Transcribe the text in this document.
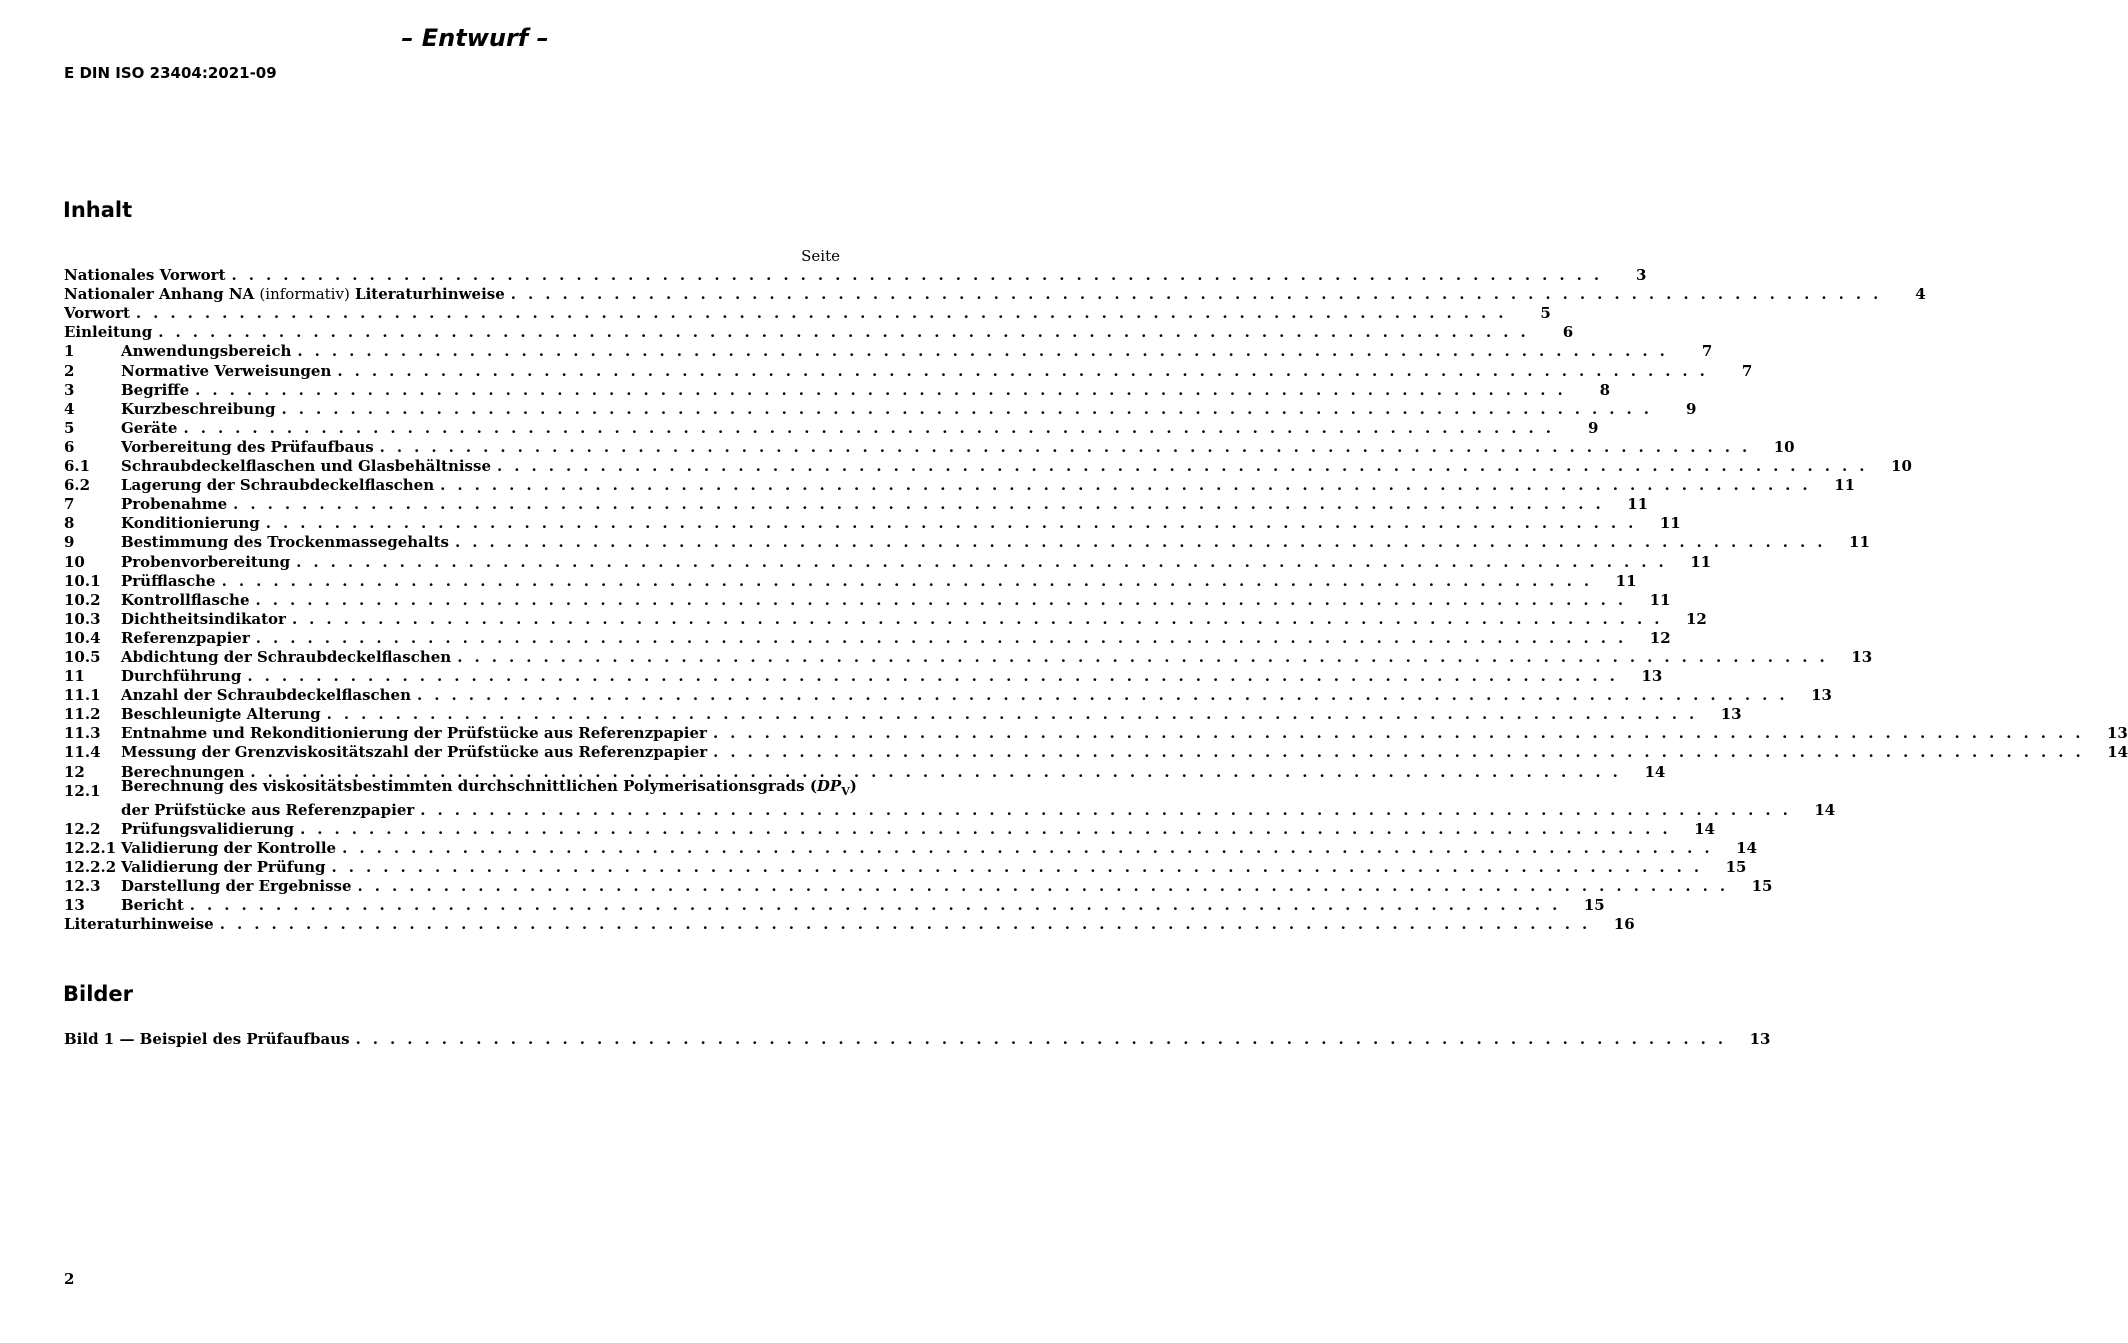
– Entwurf –
E DIN ISO 23404:2021-09
Inhalt
Seite
Nationales Vorwort . . . . . . . . . . . . . . . . . . . . . . . . . . . . . . . . . . . . . . . . . . . . . . . . . . . . . . . . . . . . . . . . . . . . . . . . . . . . . . . .	3
Nationaler Anhang NA (informativ) Literaturhinweise . . . . . . . . . . . . . . . . . . . . . . . . . . . . . . . . . . . . . . . . . . . . . . . . . . . . . . . . . . . . . . . . . . . . . . . . . . . . . . . .	4
Vorwort . . . . . . . . . . . . . . . . . . . . . . . . . . . . . . . . . . . . . . . . . . . . . . . . . . . . . . . . . . . . . . . . . . . . . . . . . . . . . . . .	5
Einleitung . . . . . . . . . . . . . . . . . . . . . . . . . . . . . . . . . . . . . . . . . . . . . . . . . . . . . . . . . . . . . . . . . . . . . . . . . . . . . . . .	6
1	Anwendungsbereich . . . . . . . . . . . . . . . . . . . . . . . . . . . . . . . . . . . . . . . . . . . . . . . . . . . . . . . . . . . . . . . . . . . . . . . . . . . . . . . .	7
2	Normative Verweisungen . . . . . . . . . . . . . . . . . . . . . . . . . . . . . . . . . . . . . . . . . . . . . . . . . . . . . . . . . . . . . . . . . . . . . . . . . . . . . . . .	7
3	Begriffe . . . . . . . . . . . . . . . . . . . . . . . . . . . . . . . . . . . . . . . . . . . . . . . . . . . . . . . . . . . . . . . . . . . . . . . . . . . . . . . .	8
4	Kurzbeschreibung . . . . . . . . . . . . . . . . . . . . . . . . . . . . . . . . . . . . . . . . . . . . . . . . . . . . . . . . . . . . . . . . . . . . . . . . . . . . . . . .	9
5	Geräte . . . . . . . . . . . . . . . . . . . . . . . . . . . . . . . . . . . . . . . . . . . . . . . . . . . . . . . . . . . . . . . . . . . . . . . . . . . . . . . .	9
6	Vorbereitung des Prüfaufbaus . . . . . . . . . . . . . . . . . . . . . . . . . . . . . . . . . . . . . . . . . . . . . . . . . . . . . . . . . . . . . . . . . . . . . . . . . . . . . . . .	10
6.1	Schraubdeckelflaschen und Glasbehältnisse . . . . . . . . . . . . . . . . . . . . . . . . . . . . . . . . . . . . . . . . . . . . . . . . . . . . . . . . . . . . . . . . . . . . . . . . . . . . . . . .	10
6.2	Lagerung der Schraubdeckelflaschen . . . . . . . . . . . . . . . . . . . . . . . . . . . . . . . . . . . . . . . . . . . . . . . . . . . . . . . . . . . . . . . . . . . . . . . . . . . . . . . .	11
7	Probenahme . . . . . . . . . . . . . . . . . . . . . . . . . . . . . . . . . . . . . . . . . . . . . . . . . . . . . . . . . . . . . . . . . . . . . . . . . . . . . . . .	11
8	Konditionierung . . . . . . . . . . . . . . . . . . . . . . . . . . . . . . . . . . . . . . . . . . . . . . . . . . . . . . . . . . . . . . . . . . . . . . . . . . . . . . . .	11
9	Bestimmung des Trockenmassegehalts . . . . . . . . . . . . . . . . . . . . . . . . . . . . . . . . . . . . . . . . . . . . . . . . . . . . . . . . . . . . . . . . . . . . . . . . . . . . . . . .	11
10	Probenvorbereitung . . . . . . . . . . . . . . . . . . . . . . . . . . . . . . . . . . . . . . . . . . . . . . . . . . . . . . . . . . . . . . . . . . . . . . . . . . . . . . . .	11
10.1	Prüfflasche . . . . . . . . . . . . . . . . . . . . . . . . . . . . . . . . . . . . . . . . . . . . . . . . . . . . . . . . . . . . . . . . . . . . . . . . . . . . . . . .	11
10.2	Kontrollflasche . . . . . . . . . . . . . . . . . . . . . . . . . . . . . . . . . . . . . . . . . . . . . . . . . . . . . . . . . . . . . . . . . . . . . . . . . . . . . . . .	11
10.3	Dichtheitsindikator . . . . . . . . . . . . . . . . . . . . . . . . . . . . . . . . . . . . . . . . . . . . . . . . . . . . . . . . . . . . . . . . . . . . . . . . . . . . . . . .	12
10.4	Referenzpapier . . . . . . . . . . . . . . . . . . . . . . . . . . . . . . . . . . . . . . . . . . . . . . . . . . . . . . . . . . . . . . . . . . . . . . . . . . . . . . . .	12
10.5	Abdichtung der Schraubdeckelflaschen . . . . . . . . . . . . . . . . . . . . . . . . . . . . . . . . . . . . . . . . . . . . . . . . . . . . . . . . . . . . . . . . . . . . . . . . . . . . . . . .	13
11	Durchführung . . . . . . . . . . . . . . . . . . . . . . . . . . . . . . . . . . . . . . . . . . . . . . . . . . . . . . . . . . . . . . . . . . . . . . . . . . . . . . . .	13
11.1	Anzahl der Schraubdeckelflaschen . . . . . . . . . . . . . . . . . . . . . . . . . . . . . . . . . . . . . . . . . . . . . . . . . . . . . . . . . . . . . . . . . . . . . . . . . . . . . . . .	13
11.2	Beschleunigte Alterung . . . . . . . . . . . . . . . . . . . . . . . . . . . . . . . . . . . . . . . . . . . . . . . . . . . . . . . . . . . . . . . . . . . . . . . . . . . . . . . .	13
11.3	Entnahme und Rekonditionierung der Prüfstücke aus Referenzpapier . . . . . . . . . . . . . . . . . . . . . . . . . . . . . . . . . . . . . . . . . . . . . . . . . . . . . . . . . . . . . . . . . . . . . . . . . . . . . . . .	13
11.4	Messung der Grenzviskositätszahl der Prüfstücke aus Referenzpapier . . . . . . . . . . . . . . . . . . . . . . . . . . . . . . . . . . . . . . . . . . . . . . . . . . . . . . . . . . . . . . . . . . . . . . . . . . . . . . . .	14
12	Berechnungen . . . . . . . . . . . . . . . . . . . . . . . . . . . . . . . . . . . . . . . . . . . . . . . . . . . . . . . . . . . . . . . . . . . . . . . . . . . . . . . .	14
12.1	Berechnung des viskositätsbestimmten durchschnittlichen Polymerisationsgrads $(DP_V)$
der Prüfstücke aus Referenzpapier . . . . . . . . . . . . . . . . . . . . . . . . . . . . . . . . . . . . . . . . . . . . . . . . . . . . . . . . . . . . . . . . . . . . . . . . . . . . . . . .	14
12.2	Prüfungsvalidierung . . . . . . . . . . . . . . . . . . . . . . . . . . . . . . . . . . . . . . . . . . . . . . . . . . . . . . . . . . . . . . . . . . . . . . . . . . . . . . . .	14
12.2.1 Validierung der Kontrolle . . . . . . . . . . . . . . . . . . . . . . . . . . . . . . . . . . . . . . . . . . . . . . . . . . . . . . . . . . . . . . . . . . . . . . . . . . . . . . . .	14
12.2.2 Validierung der Prüfung . . . . . . . . . . . . . . . . . . . . . . . . . . . . . . . . . . . . . . . . . . . . . . . . . . . . . . . . . . . . . . . . . . . . . . . . . . . . . . . .	15
12.3	Darstellung der Ergebnisse . . . . . . . . . . . . . . . . . . . . . . . . . . . . . . . . . . . . . . . . . . . . . . . . . . . . . . . . . . . . . . . . . . . . . . . . . . . . . . . .	15
13	Bericht . . . . . . . . . . . . . . . . . . . . . . . . . . . . . . . . . . . . . . . . . . . . . . . . . . . . . . . . . . . . . . . . . . . . . . . . . . . . . . . .	15
Literaturhinweise . . . . . . . . . . . . . . . . . . . . . . . . . . . . . . . . . . . . . . . . . . . . . . . . . . . . . . . . . . . . . . . . . . . . . . . . . . . . . . . .	16
Bilder
Bild 1 — Beispiel des Prüfaufbaus . . . . . . . . . . . . . . . . . . . . . . . . . . . . . . . . . . . . . . . . . . . . . . . . . . . . . . . . . . . . . . . . . . . . . . . . . . . . . . . .	13
2
